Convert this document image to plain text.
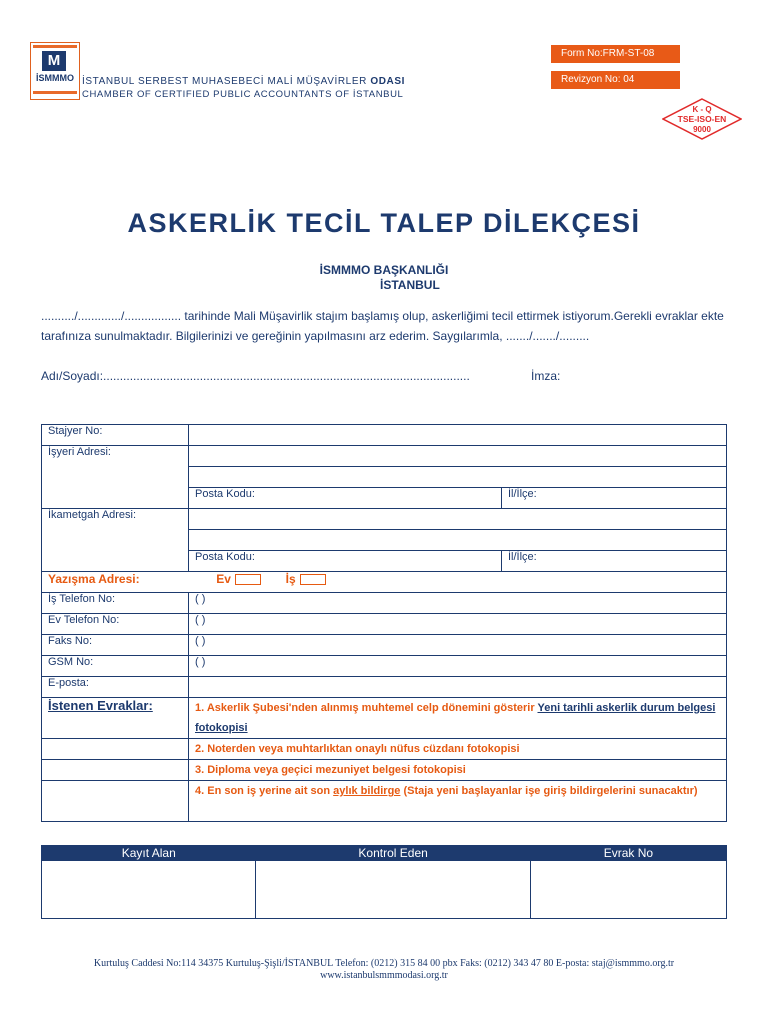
M
İSMMMO İSTANBUL SERBEST MUHASEBECİ MALİ MÜŞAVİRLER ODASI
CHAMBER OF CERTIFIED PUBLIC ACCOUNTANTS OF İSTANBUL
Form No:FRM-ST-08
Revizyon No: 04
K - Q
TSE-ISO-EN
9000
ASKERLİK TECİL TALEP DİLEKÇESİ
İSMMMO BAŞKANLIĞI
İSTANBUL
........../............./................. tarihinde Mali Müşavirlik stajım başlamış olup, askerliğimi tecil ettirmek istiyorum.Gerekli evraklar ekte tarafınıza sunulmaktadır. Bilgilerinizi ve gereğinin yapılmasını arz ederim. Saygılarımla, ......./......./.........
Adı/Soyadı:..............................................................................................................	İmza:
Stajyer No:		
İşyeri Adresi:		

	Posta Kodu:	İl/İlçe:
İkametgah Adresi:		

	Posta Kodu:	İl/İlçe:
Yazışma Adresi: Ev İş		
İş Telefon No:	( )	
Ev Telefon No:	( )	
Faks No:	( )	
GSM No:	( )	
E-posta:		
İstenen Evraklar:	1. Askerlik Şubesi'nden alınmış muhtemel celp dönemini gösterir Yeni tarihli askerlik durum belgesi fotokopisi	
	2. Noterden veya muhtarlıktan onaylı nüfus cüzdanı fotokopisi	
	3. Diploma veya geçici mezuniyet belgesi fotokopisi	
	4. En son iş yerine ait son aylık bildirge (Staja yeni başlayanlar işe giriş bildirgelerini sunacaktır)	
Kayıt Alan	Kontrol Eden	Evrak No

Kurtuluş Caddesi No:114 34375 Kurtuluş-Şişli/İSTANBUL Telefon: (0212) 315 84 00 pbx Faks: (0212) 343 47 80 E-posta: staj@ismmmo.org.tr
www.istanbulsmmmodasi.org.tr
